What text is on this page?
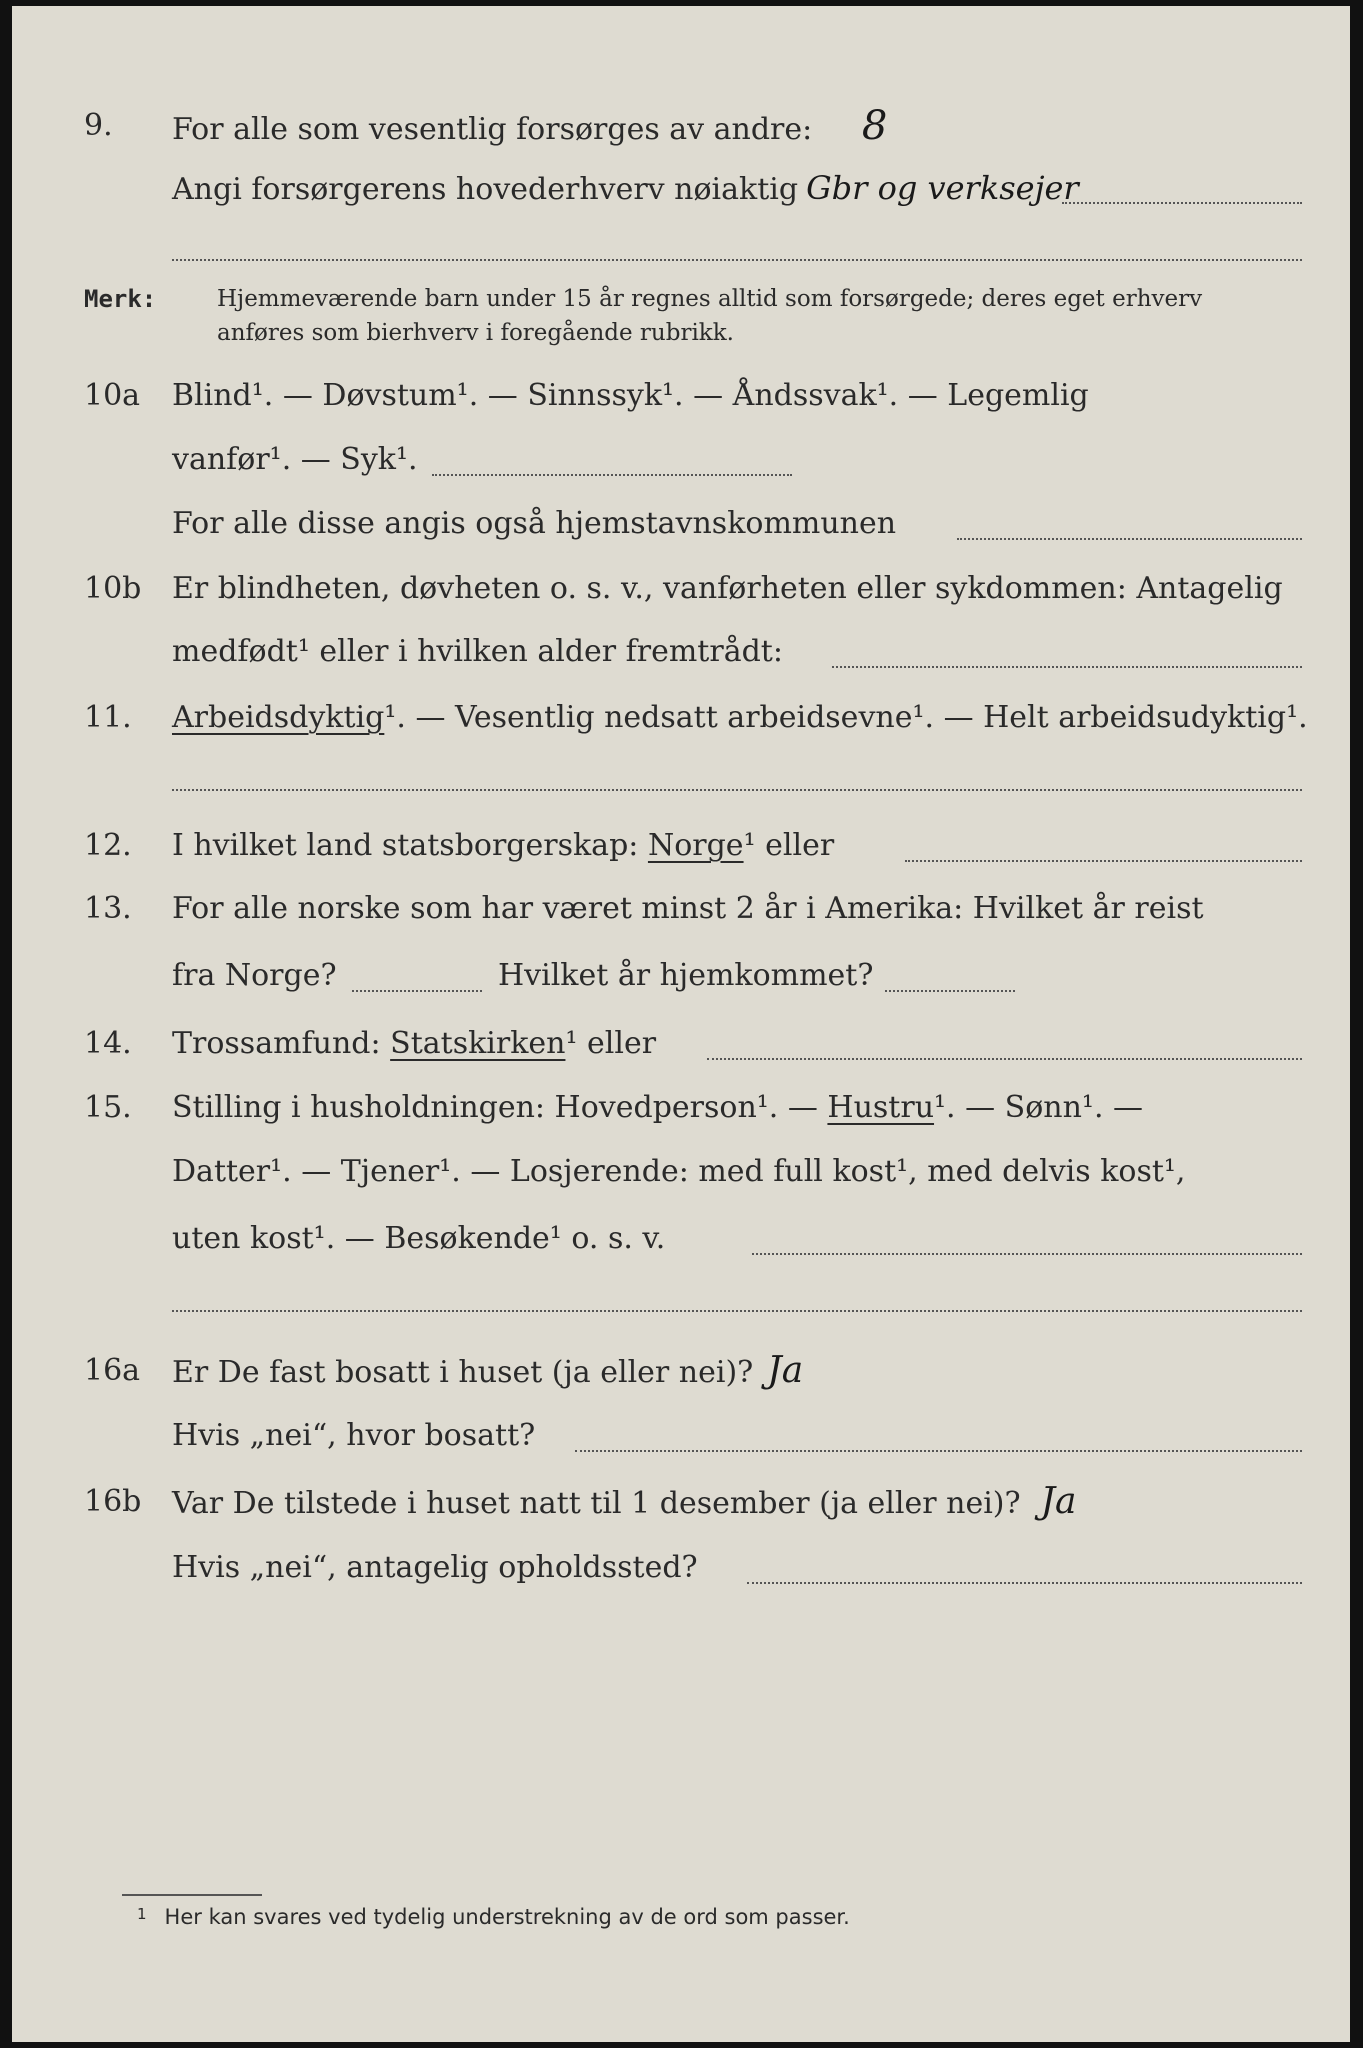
9. For alle som vesentlig forsørges av andre: 8
Angi forsørgerens hovederhverv nøiaktig Gbr og verksejer
Merk:	Hjemmeværende barn under 15 år regnes alltid som forsørgede; deres eget erhverv
anføres som bierhverv i foregående rubrikk.
10a Blind¹. — Døvstum¹. — Sinnssyk¹. — Åndssvak¹. — Legemlig
vanfør¹. — Syk¹.
For alle disse angis også hjemstavnskommunen
10b Er blindheten, døvheten o. s. v., vanførheten eller sykdommen: Antagelig
medfødt¹ eller i hvilken alder fremtrådt:
11. Arbeidsdyktig¹. — Vesentlig nedsatt arbeidsevne¹. — Helt arbeidsudyktig¹.
12. I hvilket land statsborgerskap: Norge¹ eller
13. For alle norske som har været minst 2 år i Amerika: Hvilket år reist
fra Norge?	Hvilket år hjemkommet?
14. Trossamfund: Statskirken¹ eller
15. Stilling i husholdningen: Hovedperson¹. — Hustru¹. — Sønn¹. —
Datter¹. — Tjener¹. — Losjerende: med full kost¹, med delvis kost¹,
uten kost¹. — Besøkende¹ o. s. v.
16a Er De fast bosatt i huset (ja eller nei)? Ja
Hvis „nei“, hvor bosatt?
16b Var De tilstede i huset natt til 1 desember (ja eller nei)? Ja
Hvis „nei“, antagelig opholdssted?
$^1$ Her kan svares ved tydelig understrekning av de ord som passer.
